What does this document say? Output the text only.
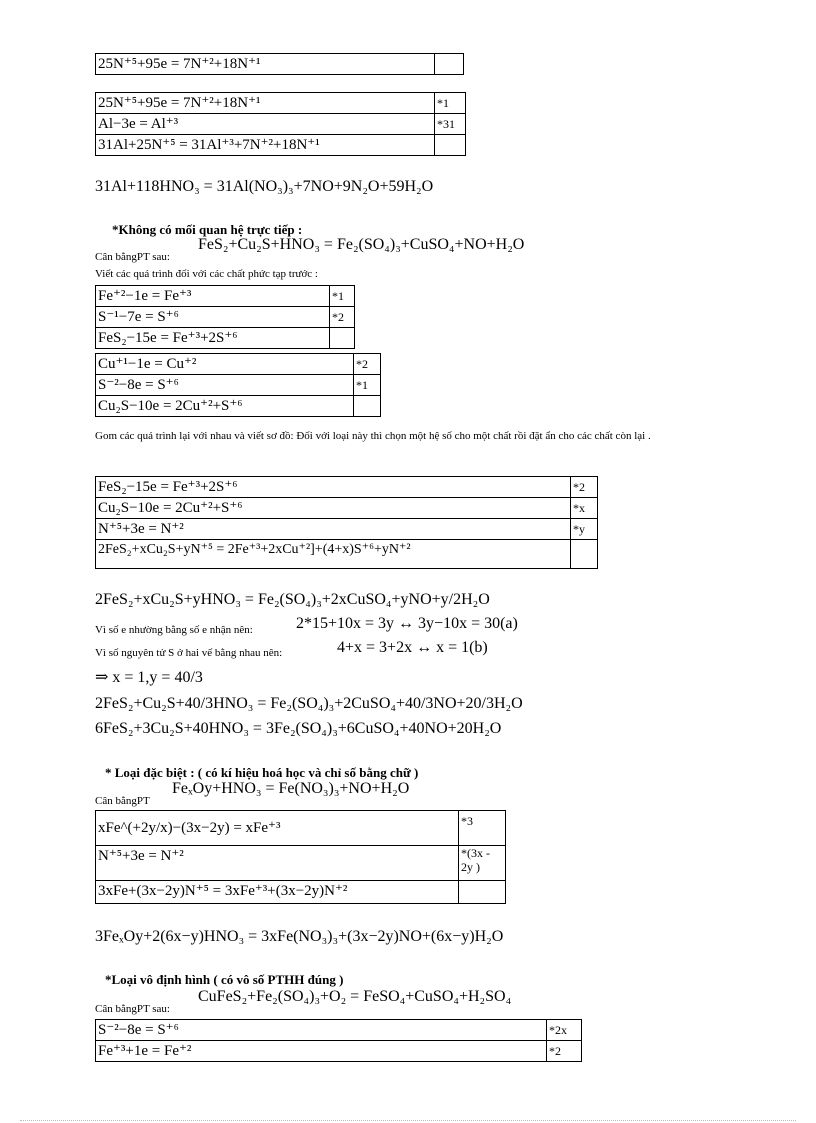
25N⁺⁵+95e = 7N⁺²+18N⁺¹	
25N⁺⁵+95e = 7N⁺²+18N⁺¹	*1
Al−3e = Al⁺³	*31
31Al+25N⁺⁵ = 31Al⁺³+7N⁺²+18N⁺¹	
31Al+118HNO₃ = 31Al(NO₃)₃+7NO+9N₂O+59H₂O
*Không có mối quan hệ trực tiếp :
Cân bằngPT sau:
FeS₂+Cu₂S+HNO₃ = Fe₂(SO₄)₃+CuSO₄+NO+H₂O
Viết các quá trình đối với các chất phức tạp trước :
Fe⁺²−1e = Fe⁺³	*1
S⁻¹−7e = S⁺⁶	*2
FeS₂−15e = Fe⁺³+2S⁺⁶	
Cu⁺¹−1e = Cu⁺²	*2
S⁻²−8e = S⁺⁶	*1
Cu₂S−10e = 2Cu⁺²+S⁺⁶	
Gom các quá trình lại với nhau và viết sơ đồ: Đối với loại này thì chọn một hệ số cho một chất rồi đặt ẩn cho các chất còn lại .
FeS₂−15e = Fe⁺³+2S⁺⁶	*2
Cu₂S−10e = 2Cu⁺²+S⁺⁶	*x
N⁺⁵+3e = N⁺²	*y
2FeS₂+xCu₂S+yN⁺⁵ = 2Fe⁺³+2xCu⁺²]+(4+x)S⁺⁶+yN⁺²	
2FeS₂+xCu₂S+yHNO₃ = Fe₂(SO₄)₃+2xCuSO₄+yNO+y/2H₂O
Vì số e nhường bằng số e nhận nên:	2*15+10x = 3y ↔ 3y−10x = 30(a)
Vì số nguyên tử S ở hai vế bằng nhau nên:	4+x = 3+2x ↔ x = 1(b)
⇒ x = 1,y = 40/3
2FeS₂+Cu₂S+40/3HNO₃ = Fe₂(SO₄)₃+2CuSO₄+40/3NO+20/3H₂O
6FeS₂+3Cu₂S+40HNO₃ = 3Fe₂(SO₄)₃+6CuSO₄+40NO+20H₂O
* Loại đặc biệt : ( có kí hiệu hoá học và chỉ số bằng chữ )
Cân bằngPT
FeₓOy+HNO₃ = Fe(NO₃)₃+NO+H₂O
xFe^(+2y/x)−(3x−2y) = xFe⁺³	*3
N⁺⁵+3e = N⁺²	*(3x - 2y )
3xFe+(3x−2y)N⁺⁵ = 3xFe⁺³+(3x−2y)N⁺²	
3FeₓOy+2(6x−y)HNO₃ = 3xFe(NO₃)₃+(3x−2y)NO+(6x−y)H₂O
*Loại vô định hình ( có vô số PTHH đúng )
Cân bằngPT sau:
CuFeS₂+Fe₂(SO₄)₃+O₂ = FeSO₄+CuSO₄+H₂SO₄
S⁻²−8e = S⁺⁶	*2x
Fe⁺³+1e = Fe⁺²	*2
